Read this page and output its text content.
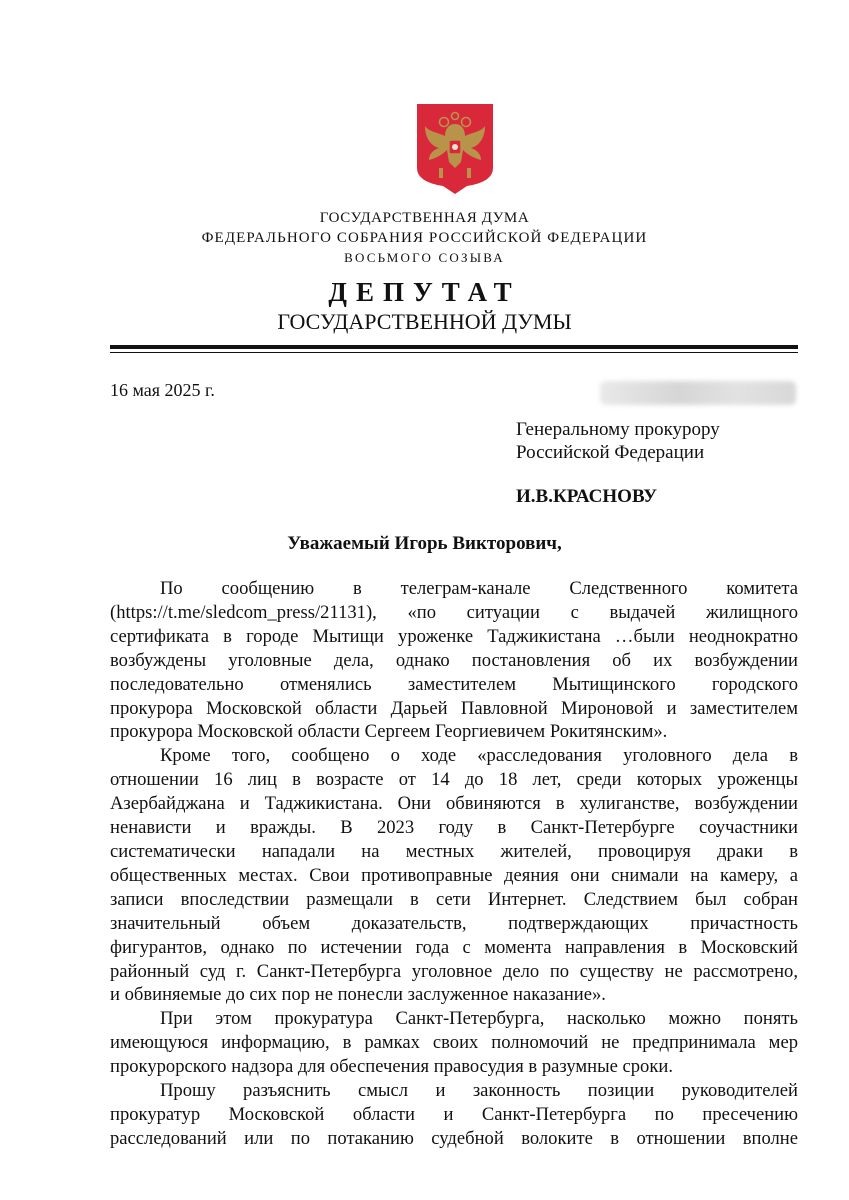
ГОСУДАРСТВЕННАЯ ДУМА
ФЕДЕРАЛЬНОГО СОБРАНИЯ РОССИЙСКОЙ ФЕДЕРАЦИИ
ВОСЬМОГО СОЗЫВА
ДЕПУТАТ
ГОСУДАРСТВЕННОЙ ДУМЫ
16 мая 2025 г.
Генеральному прокурору
Российской Федерации
И.В.КРАСНОВУ
Уважаемый Игорь Викторович,

По сообщению в телеграм-канале Следственного комитета
(https://t.me/sledcom_press/21131), «по ситуации с выдачей жилищного
сертификата в городе Мытищи уроженке Таджикистана …были неоднократно
возбуждены уголовные дела, однако постановления об их возбуждении
последовательно отменялись заместителем Мытищинского городского
прокурора Московской области Дарьей Павловной Мироновой и заместителем
прокурора Московской области Сергеем Георгиевичем Рокитянским».

Кроме того, сообщено о ходе «расследования уголовного дела в
отношении 16 лиц в возрасте от 14 до 18 лет, среди которых уроженцы
Азербайджана и Таджикистана. Они обвиняются в хулиганстве, возбуждении
ненависти и вражды. В 2023 году в Санкт-Петербурге соучастники
систематически нападали на местных жителей, провоцируя драки в
общественных местах. Свои противоправные деяния они снимали на камеру, а
записи впоследствии размещали в сети Интернет. Следствием был собран
значительный объем доказательств, подтверждающих причастность
фигурантов, однако по истечении года с момента направления в Московский
районный суд г. Санкт-Петербурга уголовное дело по существу не рассмотрено,
и обвиняемые до сих пор не понесли заслуженное наказание».

При этом прокуратура Санкт-Петербурга, насколько можно понять
имеющуюся информацию, в рамках своих полномочий не предпринимала мер
прокурорского надзора для обеспечения правосудия в разумные сроки.

Прошу разъяснить смысл и законность позиции руководителей
прокуратур Московской области и Санкт-Петербурга по пресечению
расследований или по потаканию судебной волоките в отношении вполне
